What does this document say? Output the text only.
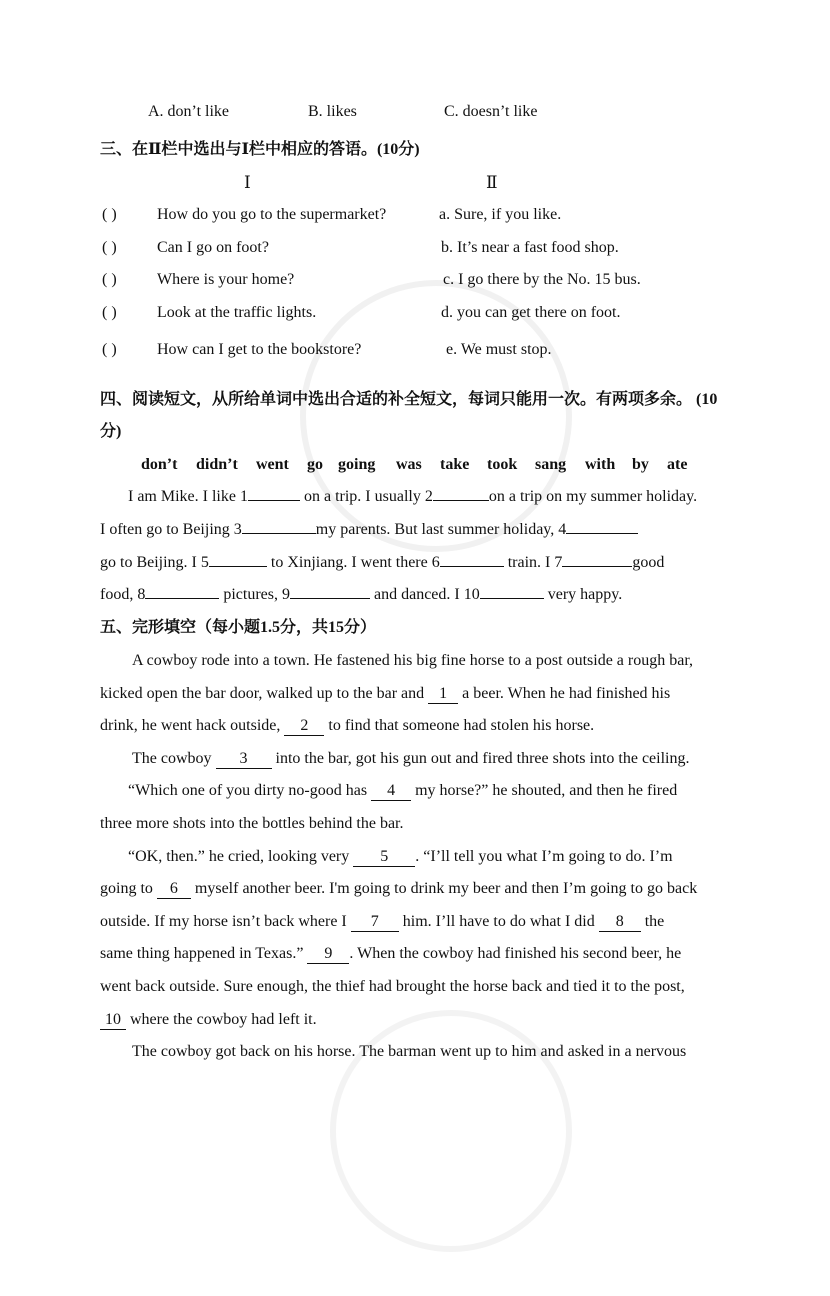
A. don’t like	B. likes	C. doesn’t like
三、在Ⅱ栏中选出与Ⅰ栏中相应的答语。(10分)
Ⅰ	Ⅱ
( )	How do you go to the supermarket?	a. Sure, if you like.
( )	Can I go on foot?	b. It’s near a fast food shop.
( )	Where is your home?	c. I go there by the No. 15 bus.
( )	Look at the traffic lights.	d. you can get there on foot.
( )	How can I get to the bookstore?	e. We must stop.
四、阅读短文，从所给单词中选出合适的补全短文，每词只能用一次。有两项多余。 (10
分)
don’t didn’t went go going was take took sang with by ate
I am Mike. I like 1	on a trip. I usually 2	on a trip on my summer holiday.
I often go to Beijing 3	my parents. But last summer holiday, 4
go to Beijing. I 5	to Xinjiang. I went there 6	train. I 7	good
food, 8	pictures, 9	and danced. I 10	very happy.
五、完形填空（每小题1.5分，共15分）
A cowboy rode into a town. He fastened his big fine horse to a post outside a rough bar,
kicked open the bar door, walked up to the bar and 1 a beer. When he had finished his
drink, he went hack outside, 2 to find that someone had stolen his horse.
The cowboy 3 into the bar, got his gun out and fired three shots into the ceiling.
“Which one of you dirty no-good has 4 my horse?” he shouted, and then he fired
three more shots into the bottles behind the bar.
“OK, then.” he cried, looking very 5 . “I’ll tell you what I’m going to do. I’m
going to 6 myself another beer. I'm going to drink my beer and then I’m going to go back
outside. If my horse isn’t back where I 7 him. I’ll have to do what I did 8 the
same thing happened in Texas.” 9 . When the cowboy had finished his second beer, he
went back outside. Sure enough, the thief had brought the horse back and tied it to the post,
10 where the cowboy had left it.
The cowboy got back on his horse. The barman went up to him and asked in a nervous
